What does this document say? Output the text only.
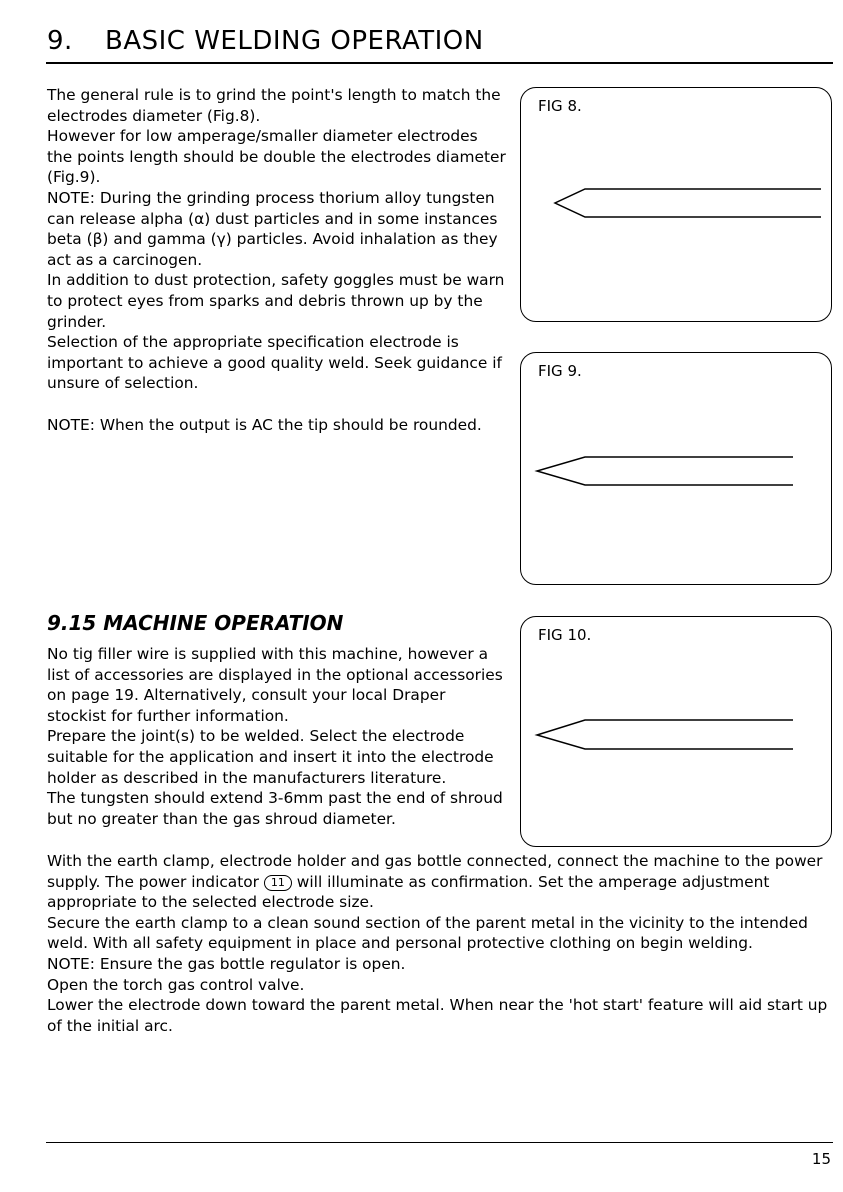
9. BASIC WELDING OPERATION

The general rule is to grind the point's length to match the electrodes diameter (Fig.8).

However for low amperage/smaller diameter electrodes the points length should be double the electrodes diameter (Fig.9).

NOTE: During the grinding process thorium alloy tungsten can release alpha (α) dust particles and in some instances beta (β) and gamma (γ) particles. Avoid inhalation as they act as a carcinogen.

In addition to dust protection, safety goggles must be warn to protect eyes from sparks and debris thrown up by the grinder.

Selection of the appropriate specification electrode is important to achieve a good quality weld. Seek guidance if unsure of selection.

NOTE: When the output is AC the tip should be rounded.

FIG 8.
FIG 9.
9.15 MACHINE OPERATION	FIG 10.

No tig filler wire is supplied with this machine, however a list of accessories are displayed in the optional accessories on page 19. Alternatively, consult your local Draper stockist for further information.

Prepare the joint(s) to be welded. Select the electrode suitable for the application and insert it into the electrode holder as described in the manufacturers literature.

The tungsten should extend 3-6mm past the end of shroud but no greater than the gas shroud diameter.

With the earth clamp, electrode holder and gas bottle connected, connect the machine to the power supply. The power indicator 11 will illuminate as confirmation. Set the amperage adjustment appropriate to the selected electrode size.

Secure the earth clamp to a clean sound section of the parent metal in the vicinity to the intended weld. With all safety equipment in place and personal protective clothing on begin welding.

NOTE: Ensure the gas bottle regulator is open.

Open the torch gas control valve.

Lower the electrode down toward the parent metal. When near the 'hot start' feature will aid start up of the initial arc.

15
